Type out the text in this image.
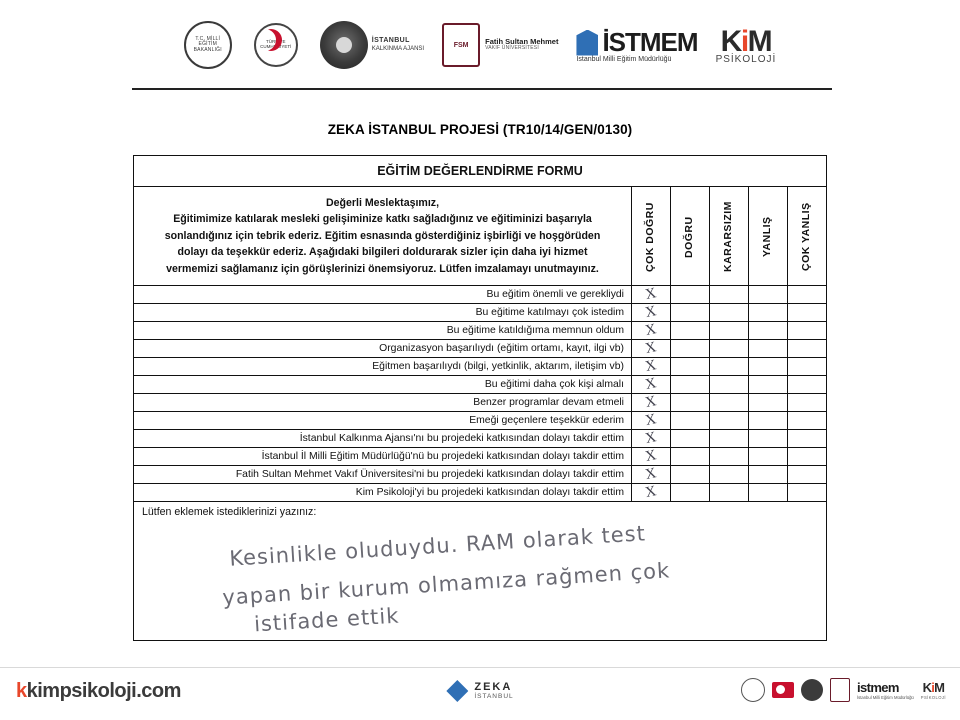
T.C. MİLLİ EĞİTİM BAKANLIĞI
TÜRKİYE CUMHURİYETİ
İSTANBUL
KALKINMA AJANSI
FSM	Fatih Sultan Mehmet
VAKIF ÜNİVERSİTESİ	İSTMEM
İstanbul Milli Eğitim Müdürlüğü
KiM
PSİKOLOJİ
ZEKA İSTANBUL PROJESİ (TR10/14/GEN/0130)
EĞİTİM DEĞERLENDİRME FORMU
Değerli Meslektaşımız,
Eğitimimize katılarak mesleki gelişiminize katkı sağladığınız ve eğitiminizi başarıyla
sonlandığınız için tebrik ederiz. Eğitim esnasında gösterdiğiniz işbirliği ve hoşgörüden
dolayı da teşekkür ederiz. Aşağıdaki bilgileri doldurarak sizler için daha iyi hizmet
vermemizi sağlamanız için görüşlerinizi önemsiyoruz. Lütfen imzalamayı unutmayınız.	ÇOK DOĞRU	DOĞRU	KARARSIZIM	YANLIŞ	ÇOK YANLIŞ
Bu eğitim önemli ve gerekliydi	X
Bu eğitime katılmayı çok istedim	X
Bu eğitime katıldığıma memnun oldum	X
Organizasyon başarılıydı (eğitim ortamı, kayıt, ilgi vb)	X
Eğitmen başarılıydı (bilgi, yetkinlik, aktarım, iletişim vb)	X
Bu eğitimi daha çok kişi almalı	X
Benzer programlar devam etmeli	X
Emeği geçenlere teşekkür ederim	X
İstanbul Kalkınma Ajansı'nı bu projedeki katkısından dolayı takdir ettim	X
İstanbul İl Milli Eğitim Müdürlüğü'nü bu projedeki katkısından dolayı takdir ettim	X
Fatih Sultan Mehmet Vakıf Üniversitesi'ni bu projedeki katkısından dolayı takdir ettim	X
Kim Psikoloji'yi bu projedeki katkısından dolayı takdir ettim	X
Lütfen eklemek istediklerinizi yazınız:
Kesinlikle oluduydu. RAM olarak test
yapan bir kurum olmamıza rağmen çok
istifade ettik
kkimpsikoloji.com	ZEKA
İSTANBUL
istmem
İstanbul Milli Eğitim Müdürlüğü
KiM
PSİKOLOJİ
